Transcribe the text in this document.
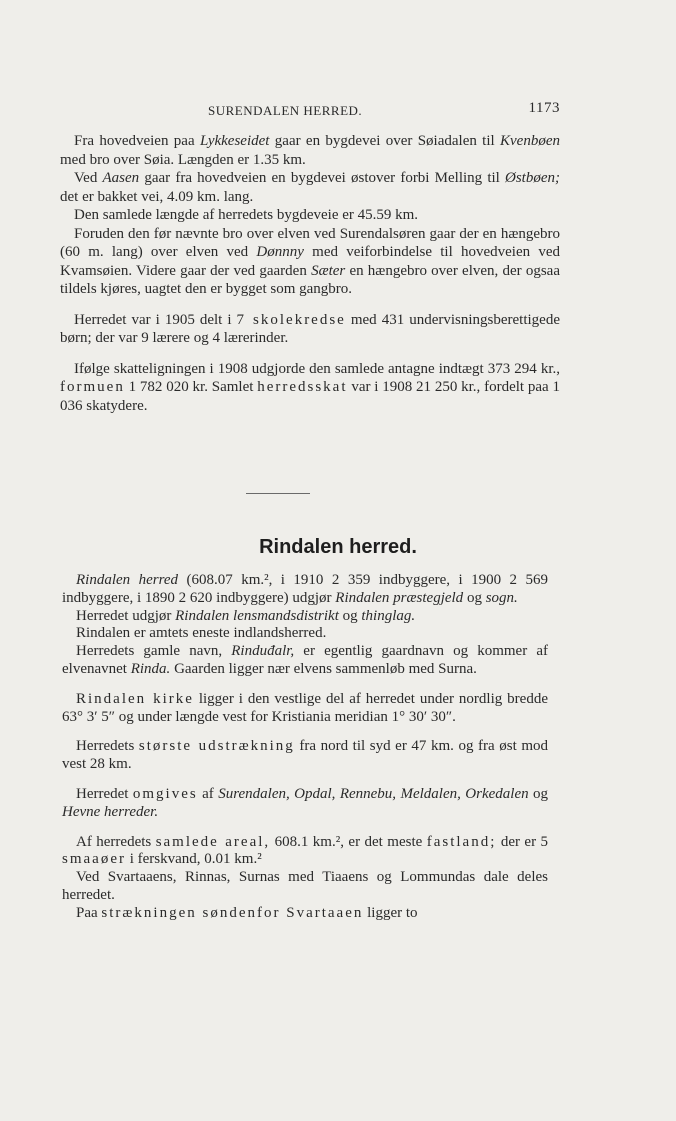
SURENDALEN HERRED.	1173

Fra hovedveien paa Lykkeseidet gaar en bygdevei over Søiadalen til Kvenbøen med bro over Søia. Længden er 1.35 km.

Ved Aasen gaar fra hovedveien en bygdevei østover forbi Melling til Østbøen; det er bakket vei, 4.09 km. lang.

Den samlede længde af herredets bygdeveie er 45.59 km.

Foruden den før nævnte bro over elven ved Surendalsøren gaar der en hængebro (60 m. lang) over elven ved Dønnny med veiforbindelse til hovedveien ved Kvamsøien. Videre gaar der ved gaarden Sæter en hængebro over elven, der ogsaa tildels kjøres, uagtet den er bygget som gangbro.

Herredet var i 1905 delt i 7 skolekredse med 431 undervisningsberettigede børn; der var 9 lærere og 4 lærerinder.

Ifølge skatteligningen i 1908 udgjorde den samlede antagne indtægt 373 294 kr., formuen 1 782 020 kr. Samlet herredsskat var i 1908 21 250 kr., fordelt paa 1 036 skatydere.

Rindalen herred.

Rindalen herred (608.07 km.², i 1910 2 359 indbyggere, i 1900 2 569 indbyggere, i 1890 2 620 indbyggere) udgjør Rindalen præstegjeld og sogn.

Herredet udgjør Rindalen lensmandsdistrikt og thinglag.

Rindalen er amtets eneste indlandsherred.

Herredets gamle navn, Rinduđalr, er egentlig gaardnavn og kommer af elvenavnet Rinda. Gaarden ligger nær elvens sammenløb med Surna.

Rindalen kirke ligger i den vestlige del af herredet under nordlig bredde 63° 3′ 5″ og under længde vest for Kristiania meridian 1° 30′ 30″.

Herredets største udstrækning fra nord til syd er 47 km. og fra øst mod vest 28 km.

Herredet omgives af Surendalen, Opdal, Rennebu, Meldalen, Orkedalen og Hevne herreder.

Af herredets samlede areal, 608.1 km.², er det meste fastland; der er 5 smaaøer i ferskvand, 0.01 km.²

Ved Svartaaens, Rinnas, Surnas med Tiaaens og Lommundas dale deles herredet.

Paa strækningen søndenfor Svartaaen ligger to
